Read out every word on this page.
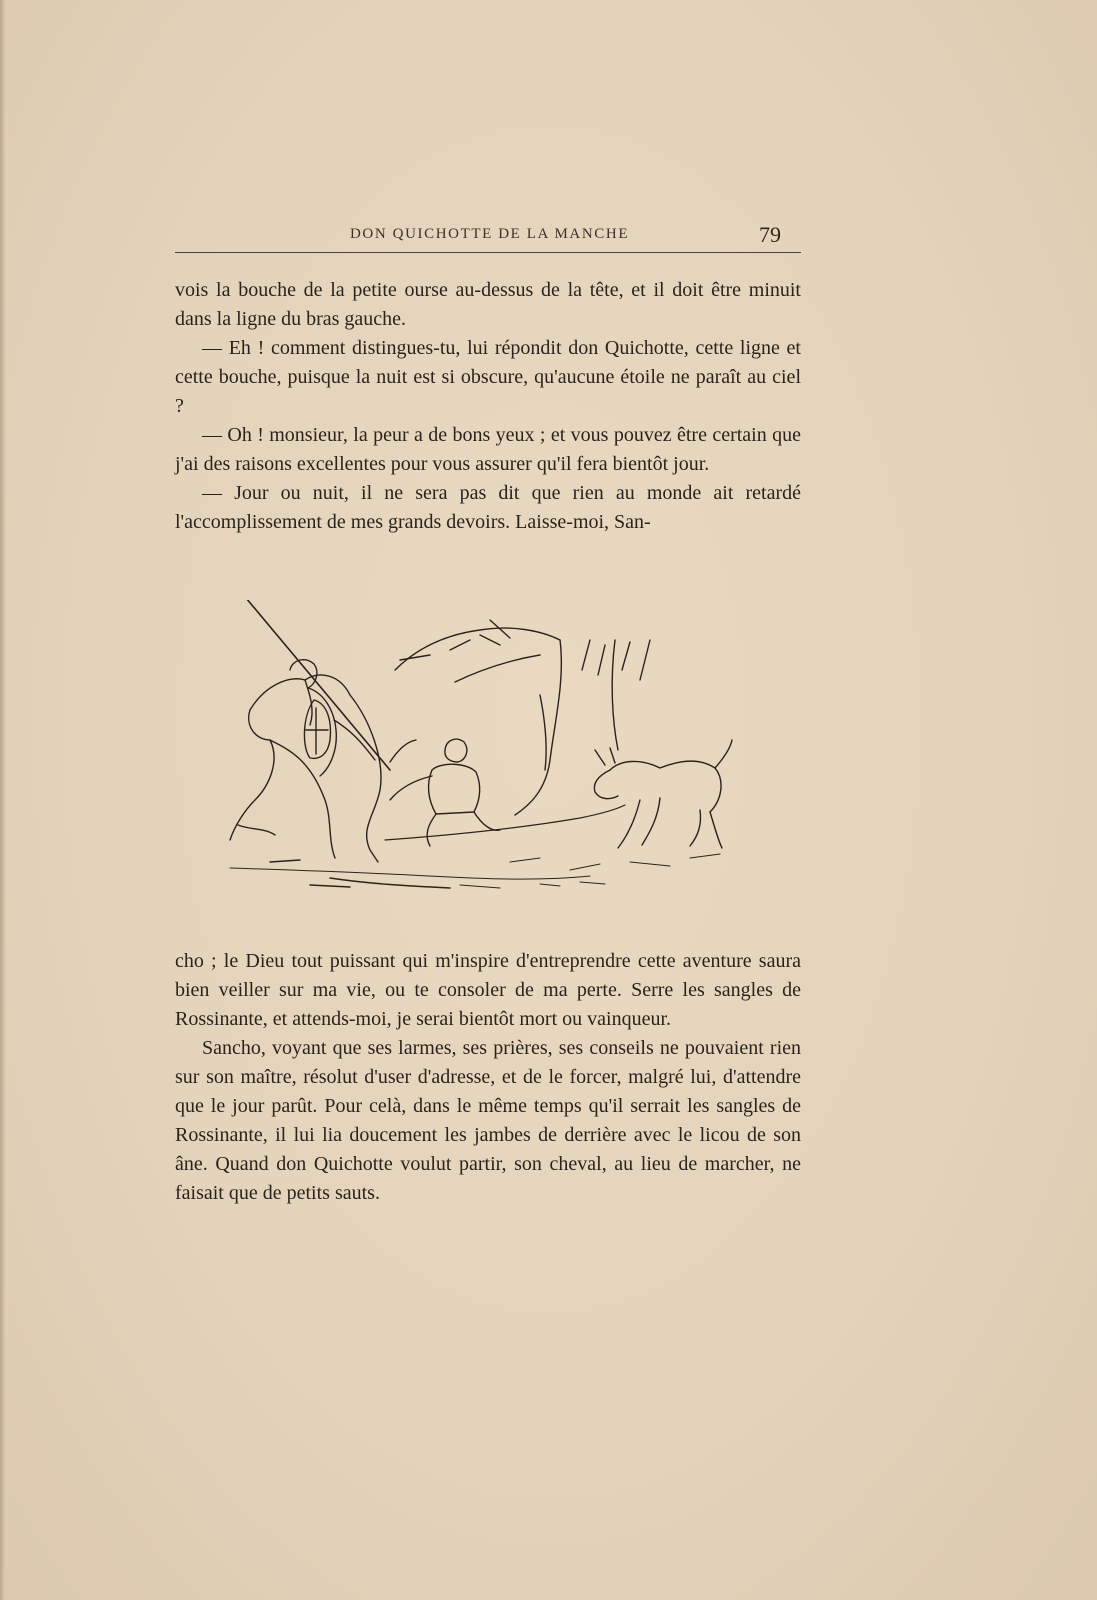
DON QUICHOTTE DE LA MANCHE	79

vois la bouche de la petite ourse au-dessus de la tête, et il doit être minuit dans la ligne du bras gauche.

— Eh ! comment distingues-tu, lui répondit don Quichotte, cette ligne et cette bouche, puisque la nuit est si obscure, qu'aucune étoile ne paraît au ciel ?

— Oh ! monsieur, la peur a de bons yeux ; et vous pouvez être certain que j'ai des raisons excellentes pour vous assurer qu'il fera bientôt jour.

— Jour ou nuit, il ne sera pas dit que rien au monde ait retardé l'accomplissement de mes grands devoirs. Laisse-moi, San-

cho ; le Dieu tout puissant qui m'inspire d'entreprendre cette aventure saura bien veiller sur ma vie, ou te consoler de ma perte. Serre les sangles de Rossinante, et attends-moi, je serai bientôt mort ou vainqueur.

Sancho, voyant que ses larmes, ses prières, ses conseils ne pouvaient rien sur son maître, résolut d'user d'adresse, et de le forcer, malgré lui, d'attendre que le jour parût. Pour celà, dans le même temps qu'il serrait les sangles de Rossinante, il lui lia doucement les jambes de derrière avec le licou de son âne. Quand don Quichotte voulut partir, son cheval, au lieu de marcher, ne faisait que de petits sauts.
